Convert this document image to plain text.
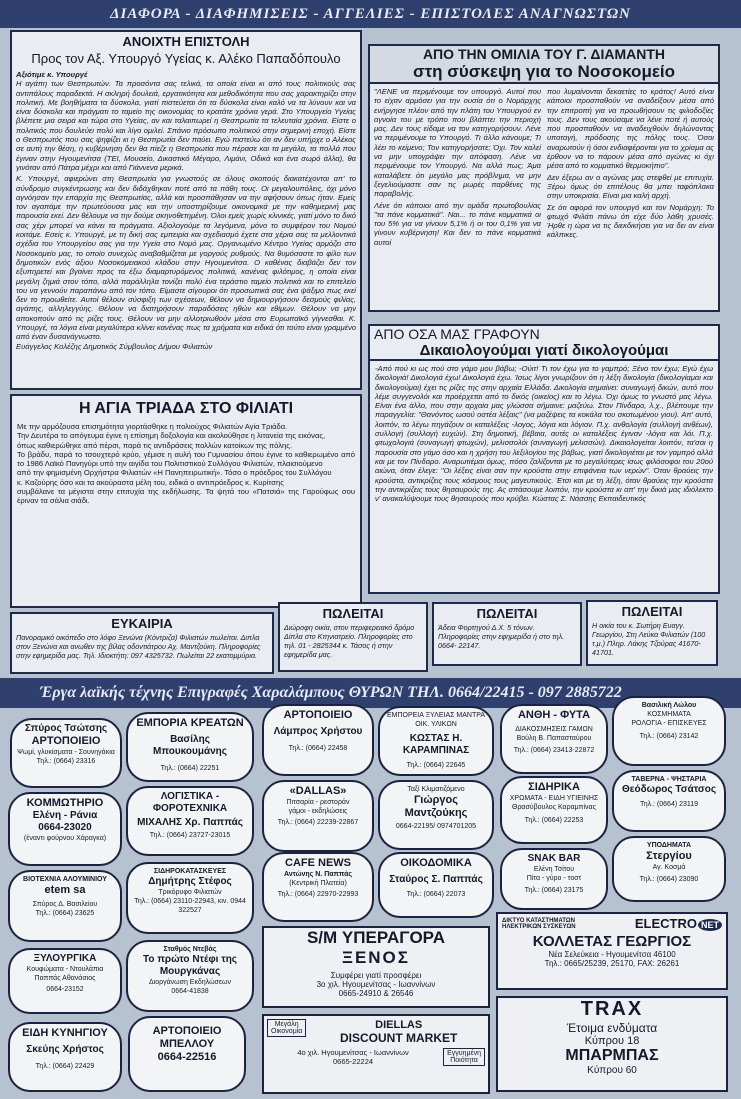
ΔΙΑΦΟΡΑ - ΔΙΑΦΗΜΙΣΕΙΣ - ΑΓΓΕΛΙΕΣ - ΕΠΙΣΤΟΛΕΣ ΑΝΑΓΝΩΣΤΩΝ
ΑΝΟΙΧΤΗ ΕΠΙΣΤΟΛΗ
Προς τον Αξ. Υπουργό Υγείας κ. Αλέκο Παπαδόπουλο

Αξιότιμε κ. Υπουργέ

Η αγάπη των Θεσπρωτών. Τα προσόντα σας τελικά, τα οποία είναι κι από τους πολιτικούς σας αντιπάλους παραδεκτά. Η σκληρή δουλειά, εργατικότητα και μεθοδικότητα που σας χαρακτηρίζει στην πολιτική. Με βοηθήματα τα δύσκολα, γιατί πιστεύεται ότι τα δύσκολα είναι καλό να τα λύνουν και να είναι δύσκολα και πράγματι το ταμείο της οικονομίας το κρατάτε χρόνια γερά. Στο Υπουργείο Υγείας βλέπετε μια σειρά και τώρα στο Υγείας, αν και ταλαιπωρεί η Θεσπρωτία τα τελευταία χρόνια. Είστε ο πολιτικός που δουλεύει πολύ και λίγο ομιλεί. Σπάνιο πρόσωπο πολιτικού στην σημερινή εποχή. Είστε ο Θεσπρωτός που σας ψηφίζει κι η Θεσπρωτία δεν παύει. Εγώ πιστεύω ότι αν δεν υπήρχε ο Αλέκος σε αυτή την θέση, η κυβέρνηση δεν θα πίεζε η Θεσπρωτία που πέρασε και τα μεγάλα, τα πολλά που έγιναν στην Ηγουμενίτσα (ΤΕΙ, Μουσείο, Δικαστικό Μέγαρο, Λιμάνι, Οδικά και ένα σωρό άλλα), θα γινόταν από Πάτρα μέχρι και από Γιάννενα μερικά.

Κ. Υπουργέ, αφιερώνει στη Θεσπρωτία για γνωστούς σε όλους σκοπούς διακατέχονται απ' το σύνδρομο συγκέντρωσης και δεν διδάχθηκαν ποτέ από τα πάθη τους. Οι μεγαλουπόλεις, όχι μόνο αγνόησαν την επαρχία της Θεσπρωτίας, αλλά και προσπάθησαν να την αφήσουν όπως ήταν. Εμείς τον αγαπάμε την πρωτεύουσα μας και την υποστηρίζουμε οικονομικά με την καθημερινή μας παρουσία εκεί. Δεν θέλουμε να την δούμε σκηνοθετημένη. Όλοι εμείς χωρίς κλινικές, γιατί μόνο το δικό σας χέρι μπορεί να κάνει τα πράγματα. Αξιολογούμε τα λεγόμενα, μόνο το συμφέρον του Νομού κοιτάμε. Εσείς κ. Υπουργέ, με τη δική σας εμπειρία και σχεδιασμό έχετε στα χέρια σας τα μελλοντικά σχέδια του Υπουργείου σας για την Υγεία στο Νομό μας. Οργανωμένο Κέντρο Υγείας αρμόζει στο Νοσοκομείο μας, το οποίο συνεχώς αναβαθμίζεται με γοργούς ρυθμούς. Να θυμόσαστε το φίλο των δημοτικών ενός άξιου Νοσοκομειακού κλάδου στην Ηγουμενίτσα. Ο καθένας διαβάζει δεν τον εξυπηρετεί και βγαίνει προς τα έξω διαμαρτυρόμενος πολιτικά, κανένας φιλότιμος, η οποία είναι μεγάλη ζημιά στον τόπο, αλλά παράλληλα τονίζει πολύ ένα τεράστιο ταμείο πολιτικά και το επιτελείο του να γεννούν παραπάνω από τον τόπο. Είμαστε σίγουροι ότι προσωπικά σας ένα ψάξιμο πως εκεί δεν το προωθείτε. Αυτοί θέλουν σύσφιξη των σχέσεων, θέλουν να δημιουργήσουν δεσμούς φιλίας, αγάπης, αλληλεγγύης. Θέλουν να διατηρήσουν παραδόσεις ηθών και εθίμων. Θέλουν να μην αποκοπούν από τις ρίζες τους. Θέλουν να μην αλλοτριωθούν μέσα στο Ευρωπαϊκό γίγνεσθαι. Κ. Υπουργέ, τα λόγια είναι μεγαλύτερα κλίνει κανένας πως τα χρήματα και ειδικά ότι τούτο είναι γραμμένο από έναν δυσανάγνωστο.

Ευάγγελος Κολέζης Δημοτικός Σύμβουλος Δήμου Φιλιατών

ΑΠΟ ΤΗΝ ΟΜΙΛΙΑ ΤΟΥ Γ. ΔΙΑΜΑΝΤΗ
στη σύσκεψη για το Νοσοκομείο

"ΛΕΝΕ να περιμένουμε τον υπουργό. Αυτοί που το είχαν αρμόσει για την ουσία ότι ο Νομάρχης ενήργησε πλέον από την πλάτη του Υπουργού εν αγνοία του με τρόπο που βλάπτει την περιοχή μας. Δεν τους είδαμε να τον κατηγορήσουν. Λένε να περιμένουμε το Υπουργό. Τι άλλο κάνουμε; Τι λέει το κείμενο; Τον κατηγορήσατε; Όχι. Τον καλεί να μην υπογράψει την απόφαση. Λένε να περιμένουμε τον Υπουργό. Να αλλά πως; Άμα καταλάβετε ότι μεγάλο μας πρόβλημα, να μην ξεγελιούμαστε σαν τις μωρές παρθένες της παραβολής.

Λένε ότι κάποιοι από την ομάδα πρωτοβουλίας "τα πάνε κομματικά". Ναι... το πάνε κομματικά οι του 5% για να γίνουν 5,1% ή οι του 0,1% για να γίνουν κυβέρνηση! Και δεν το πάνε κομματικά αυτοί

που λυμαίνονται δεκαετίες το κράτος! Αυτό είναι κάποιοι προσπαθούν να αναδείξουν μέσα από την επιτροπή για να προωθήσουν τις φιλοδοξίες τους. Δεν τους ακούσαμε να λένε ποτέ ή αυτούς που προσπαθούν να αναδειχθούν δηλώνοντας υποταγή, πρόδοσης της πόλης τους. Όσοι αναρωτούν ή όσοι ενδιαφέρονται για το χρίσμα ας έρθουν να το πάρουν μέσα από αγώνες κι όχι μέσα από το κομματικό θερμοκήπιο".

Δεν έξερω αν ο αγώνας μας στεφθεί με επιτυχία. Ξέρω όμως ότι επιτέλους θα μπει ταφόπλακα στην υποκρισία. Είναι μια καλή αρχή.

Σε ότι αφορά τον υπουργό και τον Νομάρχη: Το φτωχό Φιλάτι πάνω ότι είχε δύο λάθη χρυσές. Ήρθε η ώρα να τις διεκδικήσει για να δει αν είναι κάλπικες.

Η ΑΓΙΑ ΤΡΙΑΔΑ ΣΤΟ ΦΙΛΙΑΤΙ

Με την αρμόζουσα επισημότητα γιορτάσθηκε η πολιούχος Φιλιατών Αγία Τριάδα.

Την Δευτέρα το απόγευμα έγινε η επίσημη δοξολογία και ακολούθησε η λιτανεία της εικόνας,

όπως καθιερώθηκε από πέρσι, παρά τις αντιδράσεις πολλών κατοίκων της πόλης.

Το βράδυ, παρά το τσουχτερό κρύο, γέμισε η αυλή του Γυμνασίου όπου έγινε το καθιερωμένο από το 1986 Λαϊκό Πανηγύρι υπό την αιγίδα του Πολιτιστικού Συλλόγου Φιλιατών, πλαισιούμενο

από την φημισμένη Ορχήστρα Φιλιατών «Η Πανηπειρωτική». Τόσο ο πρόεδρος του Συλλόγου

κ. Καζούρης όσο και τα ακούραστα μέλη του, ειδικά ο αντιπρόεδρος κ. Κυρίτσης

συμβάλανε τα μέγιστα στην επιτυχία της εκδήλωσης. Τα ψητά του «Πατσιά» της Γαρούφως σου έριναν τα σάλια σιάδι.

ΑΠΟ ΟΣΑ ΜΑΣ ΓΡΑΦΟΥΝ
Δικαιολογούμαι γιατί δικολογούμαι

-Από πού κι ως πού στο γάμο μου βάβω; -Ούιτ! Τι τον έχω για το γαμπρό; Ξένο τον έχω; Εγώ έχω δικολογιά! Δικολογιά έχω! Δικολογιά έχω. Ίσως λίγοι γνωρίζουν ότι η λέξη δικολογία (δικολογίαμαι και δικολογούμαι) έχει τις ρίζες της στην αρχαία Ελλάδα. Δικολογία σημαίνει: συναγωγή δικών, αυτό που λέμε συγγενολόι και προέρχεται από το δικός (οικείος) και το λέγω. Όχι όμως το γνωστό μας λέγω. Είναι ένα άλλο, που στην αρχαία μας γλώσσα σήμαινε: μαζεύω. Στον Πίνδαρο, λ.χ., βλέπουμε την παραγγελία: "Θανόντος ωσού οστέα λέξαις" (να μαζέψεις τα κοκάλα του σκοτωμένου γιου). Απ' αυτό, λοιπόν, το λέγω πηγάζουν οι καταλέξεις -λογος, λόγια και λόγιον. Π.χ. ανθολογία (συλλογή ανθέων), συλλογή (συλλογή ευχών). Στη δημοτική, βέβαια, αυτές οι καταλέξεις έγιναν -λόγια και λόι. Π.χ. φτωχολογιά (συναγωγή φτωχών), μελισσολόι (συναγωγή μελισσών). Δικαιολογείται λοιπόν, τα'σαι η παρουσία στο γάμο όσο και η χρήση του λεξιλογίου της βάβως, γιατί δικολογιέται με τον γαμπρό αλλά και με τον Πίνδαρο. Αναρωτιέμαι όμως, πόσο ζαλίζονται με το μεγαλύτερες ίσως φιλόσοφοι του 20ού αιώνα, όταν έλεγε: "Οι λέξεις είναι σαν την κρούστα στην επιφάνεια των νερών". Όταν θραύεις την κρούστα, αντικρίζεις τους κόσμους τους μαγευτικούς. Έτσι και με τη λέξη, όταν θραύεις την κρούστα την αντικρίζεις τους θησαυρούς της. Ας σπάσουμε λοιπόν, την κρούστα κι απ' την δικιά μας ιδιόλεκτο ν' ανακαλύψουμε τους θησαυρούς που κρύβει. Κώστας Σ. Νάσσης Εκπαιδευτικός

ΕΥΚΑΙΡΙΑ

Πανοραμικό οικόπεδο στο λόφο Ξενώνα (Κόντριζα) Φιλιατών πωλείται. Διπλα στον Ξενώνα και ανωθεν της βίλας οδοντιάτρου Αχ. Μαντζούκη. Πληροφορίες στην εφημερίδα μας. Τηλ. Ιδιοκτήτη: 097 4325732. Πωλείται 22 εκατομμύρια.

ΠΩΛΕΙΤΑΙ

Διώροφη οικία, στον περιφερειακό δρόμο Δίπλα στο Κτηνιατρείο. Πληροφορίες στο τηλ. 01 - 2825344 κ. Τάσος ή στην εφημερίδα μας.

ΠΩΛΕΙΤΑΙ

Άδεια Φορτηγού Δ.Χ. 5 τόνων. Πληροφορίες στην εφημερίδα ή στο τηλ. 0664- 22147.

ΠΩΛΕΙΤΑΙ

Η οικία του κ. Σωτήρη Ευαγγ. Γεωργίου, Στη Λεύκα Φιλιατών (100 τ.μ.) Πληρ. Λάκης Τζούρας 41670-41701.

Έργα λαϊκής τέχνης Επιγραφές Χαραλάμπους ΘΥΡΩΝ ΤΗΛ. 0664/22415 - 097 2885722

Σπύρος Τσώτσης

ΑΡΤΟΠΟΙΕΙΟ

Ψωμί, γλυκίσματα - Σουνηγάκια

Τηλ.: (0664) 23316

ΕΜΠΟΡΙΑ ΚΡΕΑΤΩΝ

Βασίλης Μπουκουμάνης

Τηλ.: (0664) 22251

ΑΡΤΟΠΟΙΕΙΟ

Λάμπρος Χρήστου

Τηλ.: (0664) 22458

ΕΜΠΟΡΕΙΑ ΞΥΛΕΙΑΣ ΜΑΝΤΡΑ ΟΙΚ. ΥΛΙΚΩΝ

ΚΩΣΤΑΣ Η. ΚΑΡΑΜΠΙΝΑΣ

Τηλ.: (0664) 22645

ΑΝΘΗ - ΦΥΤΑ

ΔΙΑΚΟΣΜΗΣΕΙΣ ΓΑΜΩΝ

Βούλη Β. Παπασταύρου

Τηλ.: (0664) 23413-22872

Βασιλική Λώλου

ΚΟΣΜΗΜΑΤΑ

ΡΟΛΟΓΙΑ - ΕΠΙΣΚΕΥΕΣ

Τηλ.: (0664) 23142

ΚΟΜΜΩΤΗΡΙΟ

Ελένη - Ράνια

0664-23020

(έναντι φούρνου Χάραγκα)

ΛΟΓΙΣΤΙΚΑ - ΦΟΡΟΤΕΧΝΙΚΑ

ΜΙΧΑΛΗΣ Χρ. Παππάς

Τηλ.: (0664) 23727-23015

«DALLAS»

Πιτσαρία - ρεστοράν

γάμοι - εκδηλώσεις

Τηλ.: (0664) 22239-22867

Ταξί Κλιματιζόμενο

Γιώργος Μαντζούκης

0664-22195/ 0974701205

ΣΙΔΗΡΙΚΑ

ΧΡΩΜΑΤΑ - ΕΙΔΗ ΥΓΙΕΙΝΗΣ

Θρασύβουλος Καραμπίνας

Τηλ.: (0664) 22253

ΤΑΒΕΡΝΑ - ΨΗΣΤΑΡΙΑ

Θεόδωρος Τσάτσος

Τηλ.: (0664) 23119

ΒΙΟΤΕΧΝΙΑ ΑΛΟΥΜΙΝΙΟΥ

etem sa

Σπύρος Δ. Βασιλείου

Τηλ.: (0664) 23625

ΣΙΔΗΡΟΚΑΤΑΣΚΕΥΕΣ

Δημήτρης Στέφος

Τρικόρυφο Φιλιατών

Τηλ.: (0664) 23110-22943, κιν. 0944 322527

CAFE NEWS

Αντώνης Ν. Παππάς

(Κεντρική Πλατεία)

Τηλ.: (0664) 22970-22993

ΟΙΚΟΔΟΜΙΚΑ

Σταύρος Σ. Παππάς

Τηλ.: (0664) 22073

SNAK BAR

Ελένη Τσίτου

Πίτα - γύρο - τοστ

Τηλ.: (0664) 23175

ΥΠΟΔΗΜΑΤΑ

Στεργίου

Αγ. Κοσμά

Τηλ.: (0664) 23090

ΞΥΛΟΥΡΓΙΚΑ

Κουφώματα - Ντουλάπια

Παππάς Αθανάσιος

0664-23152

Σταθμός Ντεβάς

Το πρώτο Ντέφι της Μουργκάνας

Διοργάνωση Εκδηλώσεων

0664-41838

ΕΙΔΗ ΚΥΝΗΓΙΟΥ

Σκεύης Χρήστος

Τηλ.: (0664) 22429

ΑΡΤΟΠΟΙΕΙΟ

ΜΠΕΛΛΟΥ

0664-22516

S/M ΥΠΕΡΑΓΟΡΑ
ΞΕΝΟΣ
Συμφέρει γιατί προσφέρει
3ο χιλ. Ηγουμενίτσας - Ιωαννίνων
0665-24910 & 26546
ΔΙΚΤΥΟ ΚΑΤΑΣΤΗΜΑΤΩΝ ΗΛΕΚΤΡΙΚΩΝ ΣΥΣΚΕΥΩΝ	ELECTRO NET
ΚΟΛΛΕΤΑΣ ΓΕΩΡΓΙΟΣ
Νέα Σελεύκεια - Ηγουμενίτσα 46100
Τηλ.: 0665/25239, 25170, FAX: 26261
Μεγάλη
Οικονομία
DIELLAS
DISCOUNT MARKET
4ο χιλ. Ηγουμενίτσας - Ιωαννίνων
0665-22224
Εγγυημένη
Ποιότητα
TRAX
Έτοιμα ενδύματα
Κύπρου 18
ΜΠΑΡΜΠΑΣ
Κύπρου 60
